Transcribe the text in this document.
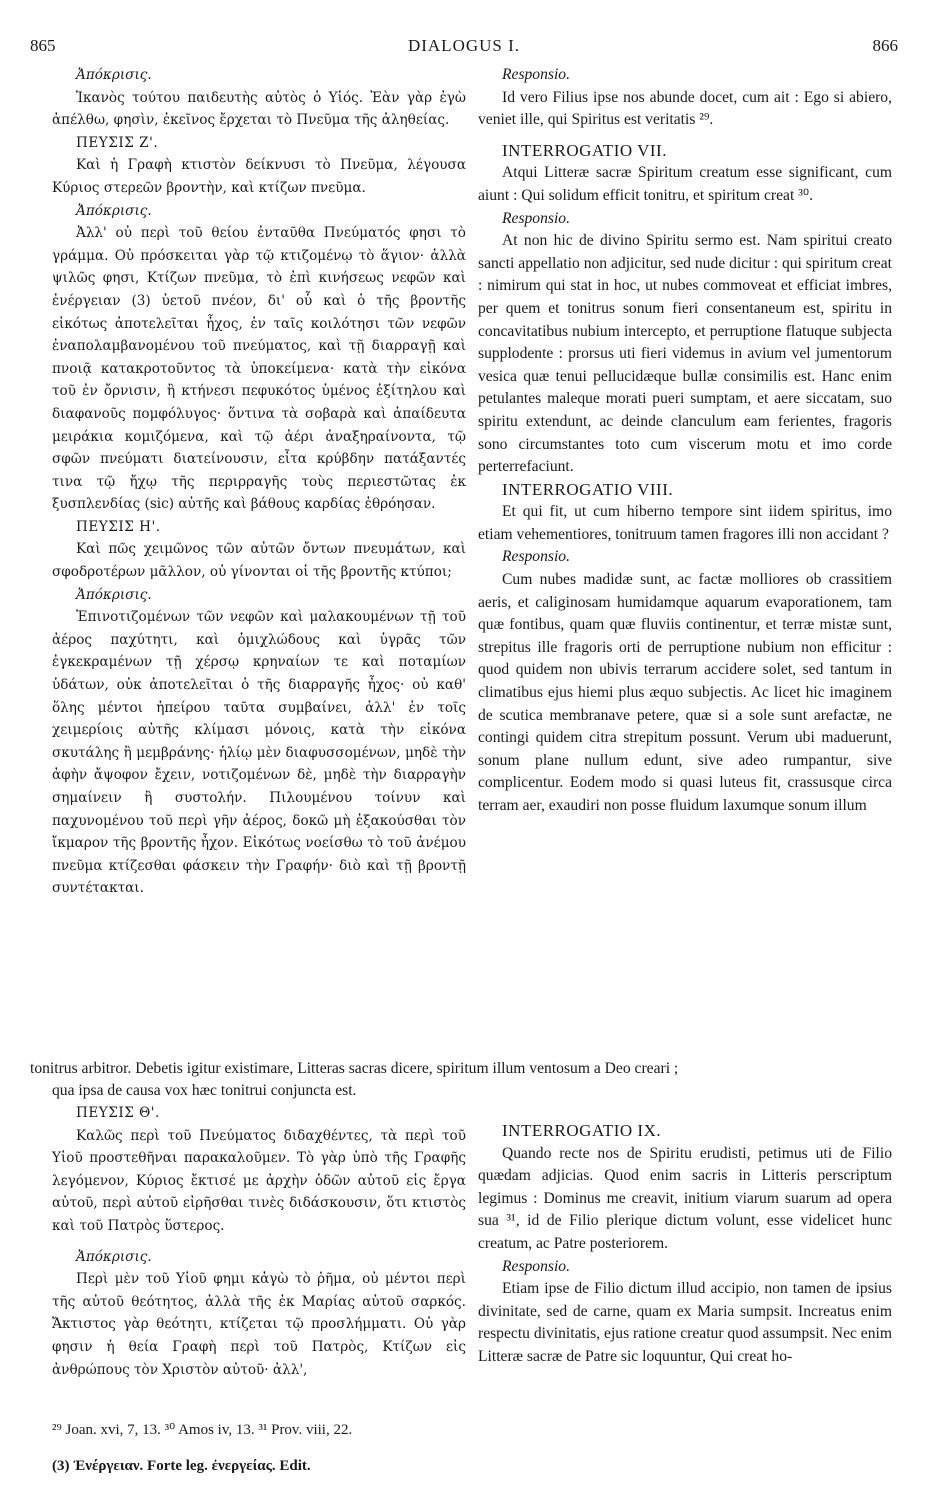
865	DIALOGUS I.	866

Ἀπόκρισις.

Ἱκανὸς τούτου παιδευτὴς αὐτὸς ὁ Υἱός. Ἐὰν γὰρ ἐγὼ ἀπέλθω, φησὶν, ἐκεῖνος ἔρχεται τὸ Πνεῦμα τῆς ἀληθείας.

ΠΕΥΣΙΣ Ζ'.

Καὶ ἡ Γραφὴ κτιστὸν δείκνυσι τὸ Πνεῦμα, λέγουσα Κύριος στερεῶν βροντὴν, καὶ κτίζων πνεῦμα.

Ἀπόκρισις.

Ἀλλ' οὐ περὶ τοῦ θείου ἐνταῦθα Πνεύματός φησι τὸ γράμμα. Οὐ πρόσκειται γὰρ τῷ κτιζομένῳ τὸ ἅγιον· ἀλλὰ ψιλῶς φησι, Κτίζων πνεῦμα, τὸ ἐπὶ κινήσεως νεφῶν καὶ ἐνέργειαν (3) ὑετοῦ πνέον, δι' οὗ καὶ ὁ τῆς βροντῆς εἰκότως ἀποτελεῖται ἦχος, ἐν ταῖς κοιλότησι τῶν νεφῶν ἐναπολαμβανομένου τοῦ πνεύματος, καὶ τῇ διαρραγῇ καὶ πνοιᾷ κατακροτοῦντος τὰ ὑποκείμενα· κατὰ τὴν εἰκόνα τοῦ ἐν ὄρνισιν, ἢ κτήνεσι πεφυκότος ὑμένος ἐξίτηλου καὶ διαφανοῦς πομφόλυγος· ὅντινα τὰ σοβαρὰ καὶ ἀπαίδευτα μειράκια κομιζόμενα, καὶ τῷ ἀέρι ἀναξηραίνοντα, τῷ σφῶν πνεύματι διατείνουσιν, εἶτα κρύβδην πατάξαντές τινα τῷ ἤχῳ τῆς περιρραγῆς τοὺς περιεστῶτας ἐκ ξυσπλενδίας (sic) αὐτῆς καὶ βάθους καρδίας ἐθρόησαν.

ΠΕΥΣΙΣ Η'.

Καὶ πῶς χειμῶνος τῶν αὐτῶν ὄντων πνευμάτων, καὶ σφοδροτέρων μᾶλλον, οὐ γίνονται οἱ τῆς βροντῆς κτύποι;

Ἀπόκρισις.

Ἐπινοτιζομένων τῶν νεφῶν καὶ μαλακουμένων τῇ τοῦ ἀέρος παχύτητι, καὶ ὁμιχλώδους καὶ ὑγρᾶς τῶν ἐγκεκραμένων τῇ χέρσῳ κρηναίων τε καὶ ποταμίων ὑδάτων, οὐκ ἀποτελεῖται ὁ τῆς διαρραγῆς ἦχος· οὐ καθ' ὅλης μέντοι ἠπείρου ταῦτα συμβαίνει, ἀλλ' ἐν τοῖς χειμερίοις αὐτῆς κλίμασι μόνοις, κατὰ τὴν εἰκόνα σκυτάλης ἢ μεμβράνης· ἡλίῳ μὲν διαφυσσομένων, μηδὲ τὴν ἀφὴν ἄψοφον ἔχειν, νοτιζομένων δὲ, μηδὲ τὴν διαρραγὴν σημαίνειν ἢ συστολήν. Πιλουμένου τοίνυν καὶ παχυνομένου τοῦ περὶ γῆν ἀέρος, δοκῶ μὴ ἐξακούσθαι τὸν ἴκμαρον τῆς βροντῆς ἦχον. Εἰκότως νοείσθω τὸ τοῦ ἀνέμου πνεῦμα κτίζεσθαι φάσκειν τὴν Γραφήν· διὸ καὶ τῇ βροντῇ συντέτακται.

Responsio.

Id vero Filius ipse nos abunde docet, cum ait : Ego si abiero, veniet ille, qui Spiritus est veritatis ²⁹.

INTERROGATIO VII.

Atqui Litteræ sacræ Spiritum creatum esse significant, cum aiunt : Qui solidum efficit tonitru, et spiritum creat ³⁰.

Responsio.

At non hic de divino Spiritu sermo est. Nam spiritui creato sancti appellatio non adjicitur, sed nude dicitur : qui spiritum creat : nimirum qui stat in hoc, ut nubes commoveat et efficiat imbres, per quem et tonitrus sonum fieri consentaneum est, spiritu in concavitatibus nubium intercepto, et perruptione flatuque subjecta supplodente : prorsus uti fieri videmus in avium vel jumentorum vesica quæ tenui pellucidæque bullæ consimilis est. Hanc enim petulantes maleque morati pueri sumptam, et aere siccatam, suo spiritu extendunt, ac deinde clanculum eam ferientes, fragoris sono circumstantes toto cum viscerum motu et imo corde perterrefaciunt.

INTERROGATIO VIII.

Et qui fit, ut cum hiberno tempore sint iidem spiritus, imo etiam vehementiores, tonitruum tamen fragores illi non accidant ?

Responsio.

Cum nubes madidæ sunt, ac factæ molliores ob crassitiem aeris, et caliginosam humidamque aquarum evaporationem, tam quæ fontibus, quam quæ fluviis continentur, et terræ mistæ sunt, strepitus ille fragoris orti de perruptione nubium non efficitur : quod quidem non ubivis terrarum accidere solet, sed tantum in climatibus ejus hiemi plus æquo subjectis. Ac licet hic imaginem de scutica membranave petere, quæ si a sole sunt arefactæ, ne contingi quidem citra strepitum possunt. Verum ubi maduerunt, sonum plane nullum edunt, sive adeo rumpantur, sive complicentur. Eodem modo si quasi luteus fit, crassusque circa terram aer, exaudiri non posse fluidum laxumque sonum illum

tonitrus arbitror. Debetis igitur existimare, Litteras sacras dicere, spiritum illum ventosum a Deo creari ;

qua ipsa de causa vox hæc tonitrui conjuncta est.

ΠΕΥΣΙΣ Θ'.

Καλῶς περὶ τοῦ Πνεύματος διδαχθέντες, τὰ περὶ τοῦ Υἱοῦ προστεθῆναι παρακαλοῦμεν. Τὸ γὰρ ὑπὸ τῆς Γραφῆς λεγόμενον, Κύριος ἔκτισέ με ἀρχὴν ὁδῶν αὐτοῦ εἰς ἔργα αὐτοῦ, περὶ αὐτοῦ εἰρῆσθαι τινὲς διδάσκουσιν, ὅτι κτιστὸς καὶ τοῦ Πατρὸς ὕστερος.

Ἀπόκρισις.

Περὶ μὲν τοῦ Υἱοῦ φημι κἀγὼ τὸ ῥῆμα, οὐ μέντοι περὶ τῆς αὐτοῦ θεότητος, ἀλλὰ τῆς ἐκ Μαρίας αὐτοῦ σαρκός. Ἄκτιστος γὰρ θεότητι, κτίζεται τῷ προσλήμματι. Οὐ γὰρ φησιν ἡ θεία Γραφὴ περὶ τοῦ Πατρὸς, Κτίζων εἰς ἀνθρώπους τὸν Χριστὸν αὐτοῦ· ἀλλ',

INTERROGATIO IX.

Quando recte nos de Spiritu erudisti, petimus uti de Filio quædam adjicias. Quod enim sacris in Litteris perscriptum legimus : Dominus me creavit, initium viarum suarum ad opera sua ³¹, id de Filio plerique dictum volunt, esse videlicet hunc creatum, ac Patre posteriorem.

Responsio.

Etiam ipse de Filio dictum illud accipio, non tamen de ipsius divinitate, sed de carne, quam ex Maria sumpsit. Increatus enim respectu divinitatis, ejus ratione creatur quod assumpsit. Nec enim Litteræ sacræ de Patre sic loquuntur, Qui creat ho-

²⁹ Joan. xvi, 7, 13. ³⁰ Amos iv, 13. ³¹ Prov. viii, 22.
(3) Ἐνέργειαν. Forte leg. ἐνεργείας. Edit.
